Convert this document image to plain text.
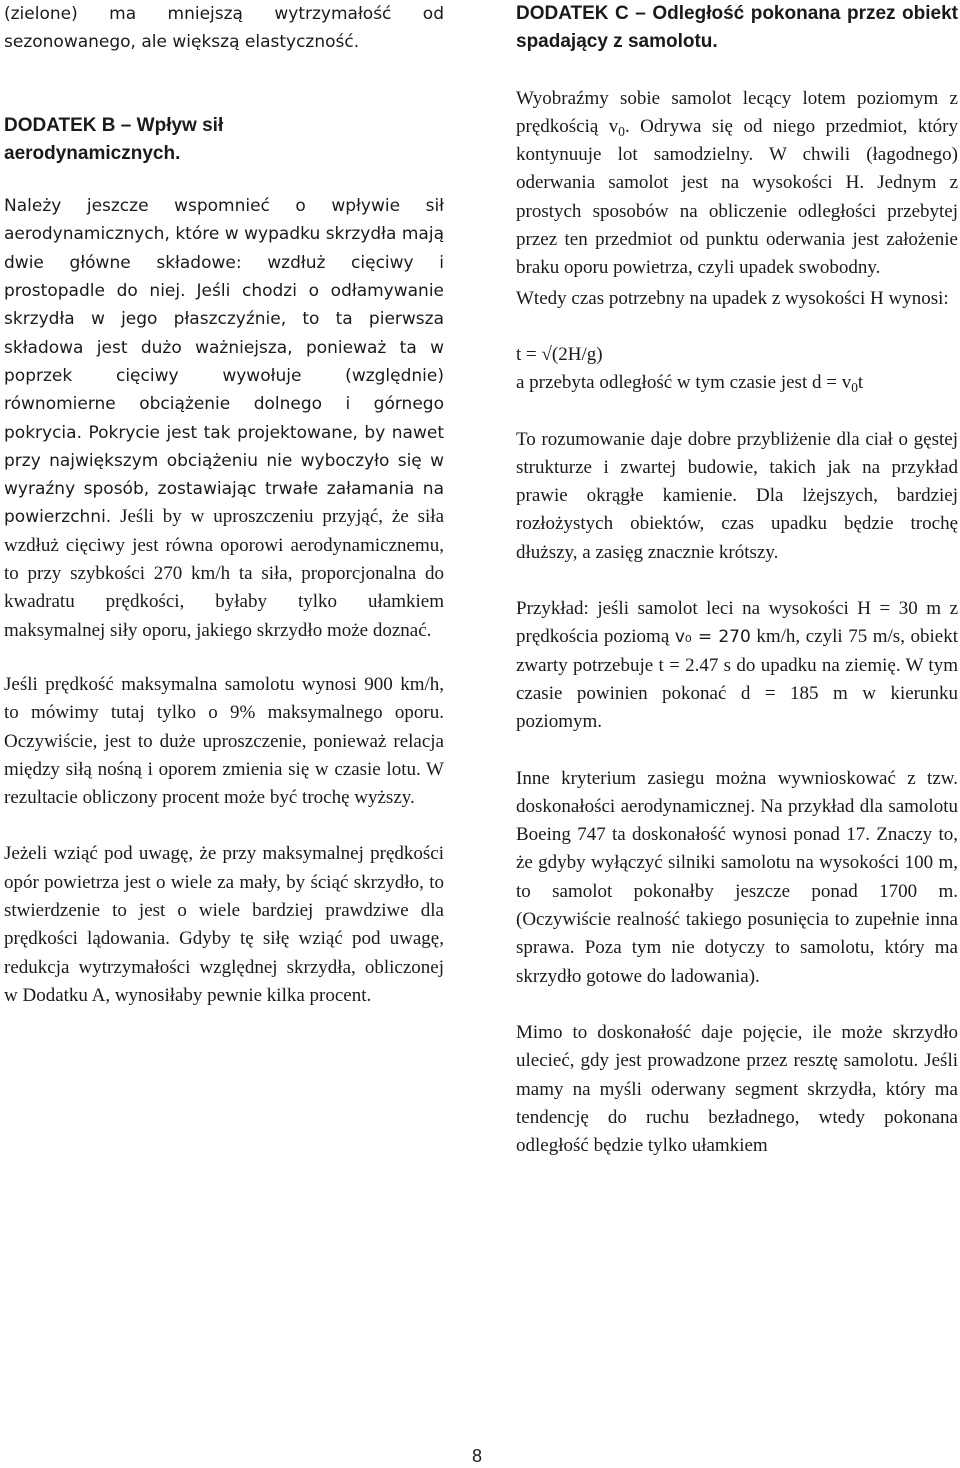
(zielone) ma mniejszą wytrzymałość od sezonowanego, ale większą elastyczność.

DODATEK B – Wpływ sił aerodynamicznych.

Należy jeszcze wspomnieć o wpływie sił aerodynamicznych, które w wypadku skrzydła mają dwie główne składowe: wzdłuż cięciwy i prostopadle do niej. Jeśli chodzi o odłamywanie skrzydła w jego płaszczyźnie, to ta pierwsza składowa jest dużo ważniejsza, ponieważ ta w poprzek cięciwy wywołuje (względnie) równomierne obciążenie dolnego i górnego pokrycia. Pokrycie jest tak projektowane, by nawet przy największym obciążeniu nie wyboczyło się w wyraźny sposób, zostawiając trwałe załamania na powierzchni. Jeśli by w uproszczeniu przyjąć, że siła wzdłuż cięciwy jest równa oporowi aerodynamicznemu, to przy szybkości 270 km/h ta siła, proporcjonalna do kwadratu prędkości, byłaby tylko ułamkiem maksymalnej siły oporu, jakiego skrzydło może doznać.

Jeśli prędkość maksymalna samolotu wynosi 900 km/h, to mówimy tutaj tylko o 9% maksymalnego oporu. Oczywiście, jest to duże uproszczenie, ponieważ relacja między siłą nośną i oporem zmienia się w czasie lotu. W rezultacie obliczony procent może być trochę wyższy.

Jeżeli wziąć pod uwagę, że przy maksymalnej prędkości opór powietrza jest o wiele za mały, by ściąć skrzydło, to stwierdzenie to jest o wiele bardziej prawdziwe dla prędkości lądowania. Gdyby tę siłę wziąć pod uwagę, redukcja wytrzymałości względnej skrzydła, obliczonej w Dodatku A, wynosiłaby pewnie kilka procent.

DODATEK C – Odległość pokonana przez obiekt spadający z samolotu.

Wyobraźmy sobie samolot lecący lotem poziomym z prędkością $v_0$. Odrywa się od niego przedmiot, który kontynuuje lot samodzielny. W chwili (łagodnego) oderwania samolot jest na wysokości H. Jednym z prostych sposobów na obliczenie odległości przebytej przez ten przedmiot od punktu oderwania jest założenie braku oporu powietrza, czyli upadek swobodny.

Wtedy czas potrzebny na upadek z wysokości H wynosi:

t = √(2H/g)

a przebyta odległość w tym czasie jest $d = v_0t$

To rozumowanie daje dobre przybliżenie dla ciał o gęstej strukturze i zwartej budowie, takich jak na przykład prawie okrągłe kamienie. Dla lżejszych, bardziej rozłożystych obiektów, czas upadku będzie trochę dłuższy, a zasięg znacznie krótszy.

Przykład: jeśli samolot leci na wysokości H = 30 m z prędkościa poziomą v₀ = 270 km/h, czyli 75 m/s, obiekt zwarty potrzebuje t = 2.47 s do upadku na ziemię. W tym czasie powinien pokonać d = 185 m w kierunku poziomym.

Inne kryterium zasiegu można wywnioskować z tzw. doskonałości aerodynamicznej. Na przykład dla samolotu Boeing 747 ta doskonałość wynosi ponad 17. Znaczy to, że gdyby wyłączyć silniki samolotu na wysokości 100 m, to samolot pokonałby jeszcze ponad 1700 m. (Oczywiście realność takiego posunięcia to zupełnie inna sprawa. Poza tym nie dotyczy to samolotu, który ma skrzydło gotowe do ladowania).

Mimo to doskonałość daje pojęcie, ile może skrzydło ulecieć, gdy jest prowadzone przez resztę samolotu. Jeśli mamy na myśli oderwany segment skrzydła, który ma tendencję do ruchu bezładnego, wtedy pokonana odległość będzie tylko ułamkiem

8
